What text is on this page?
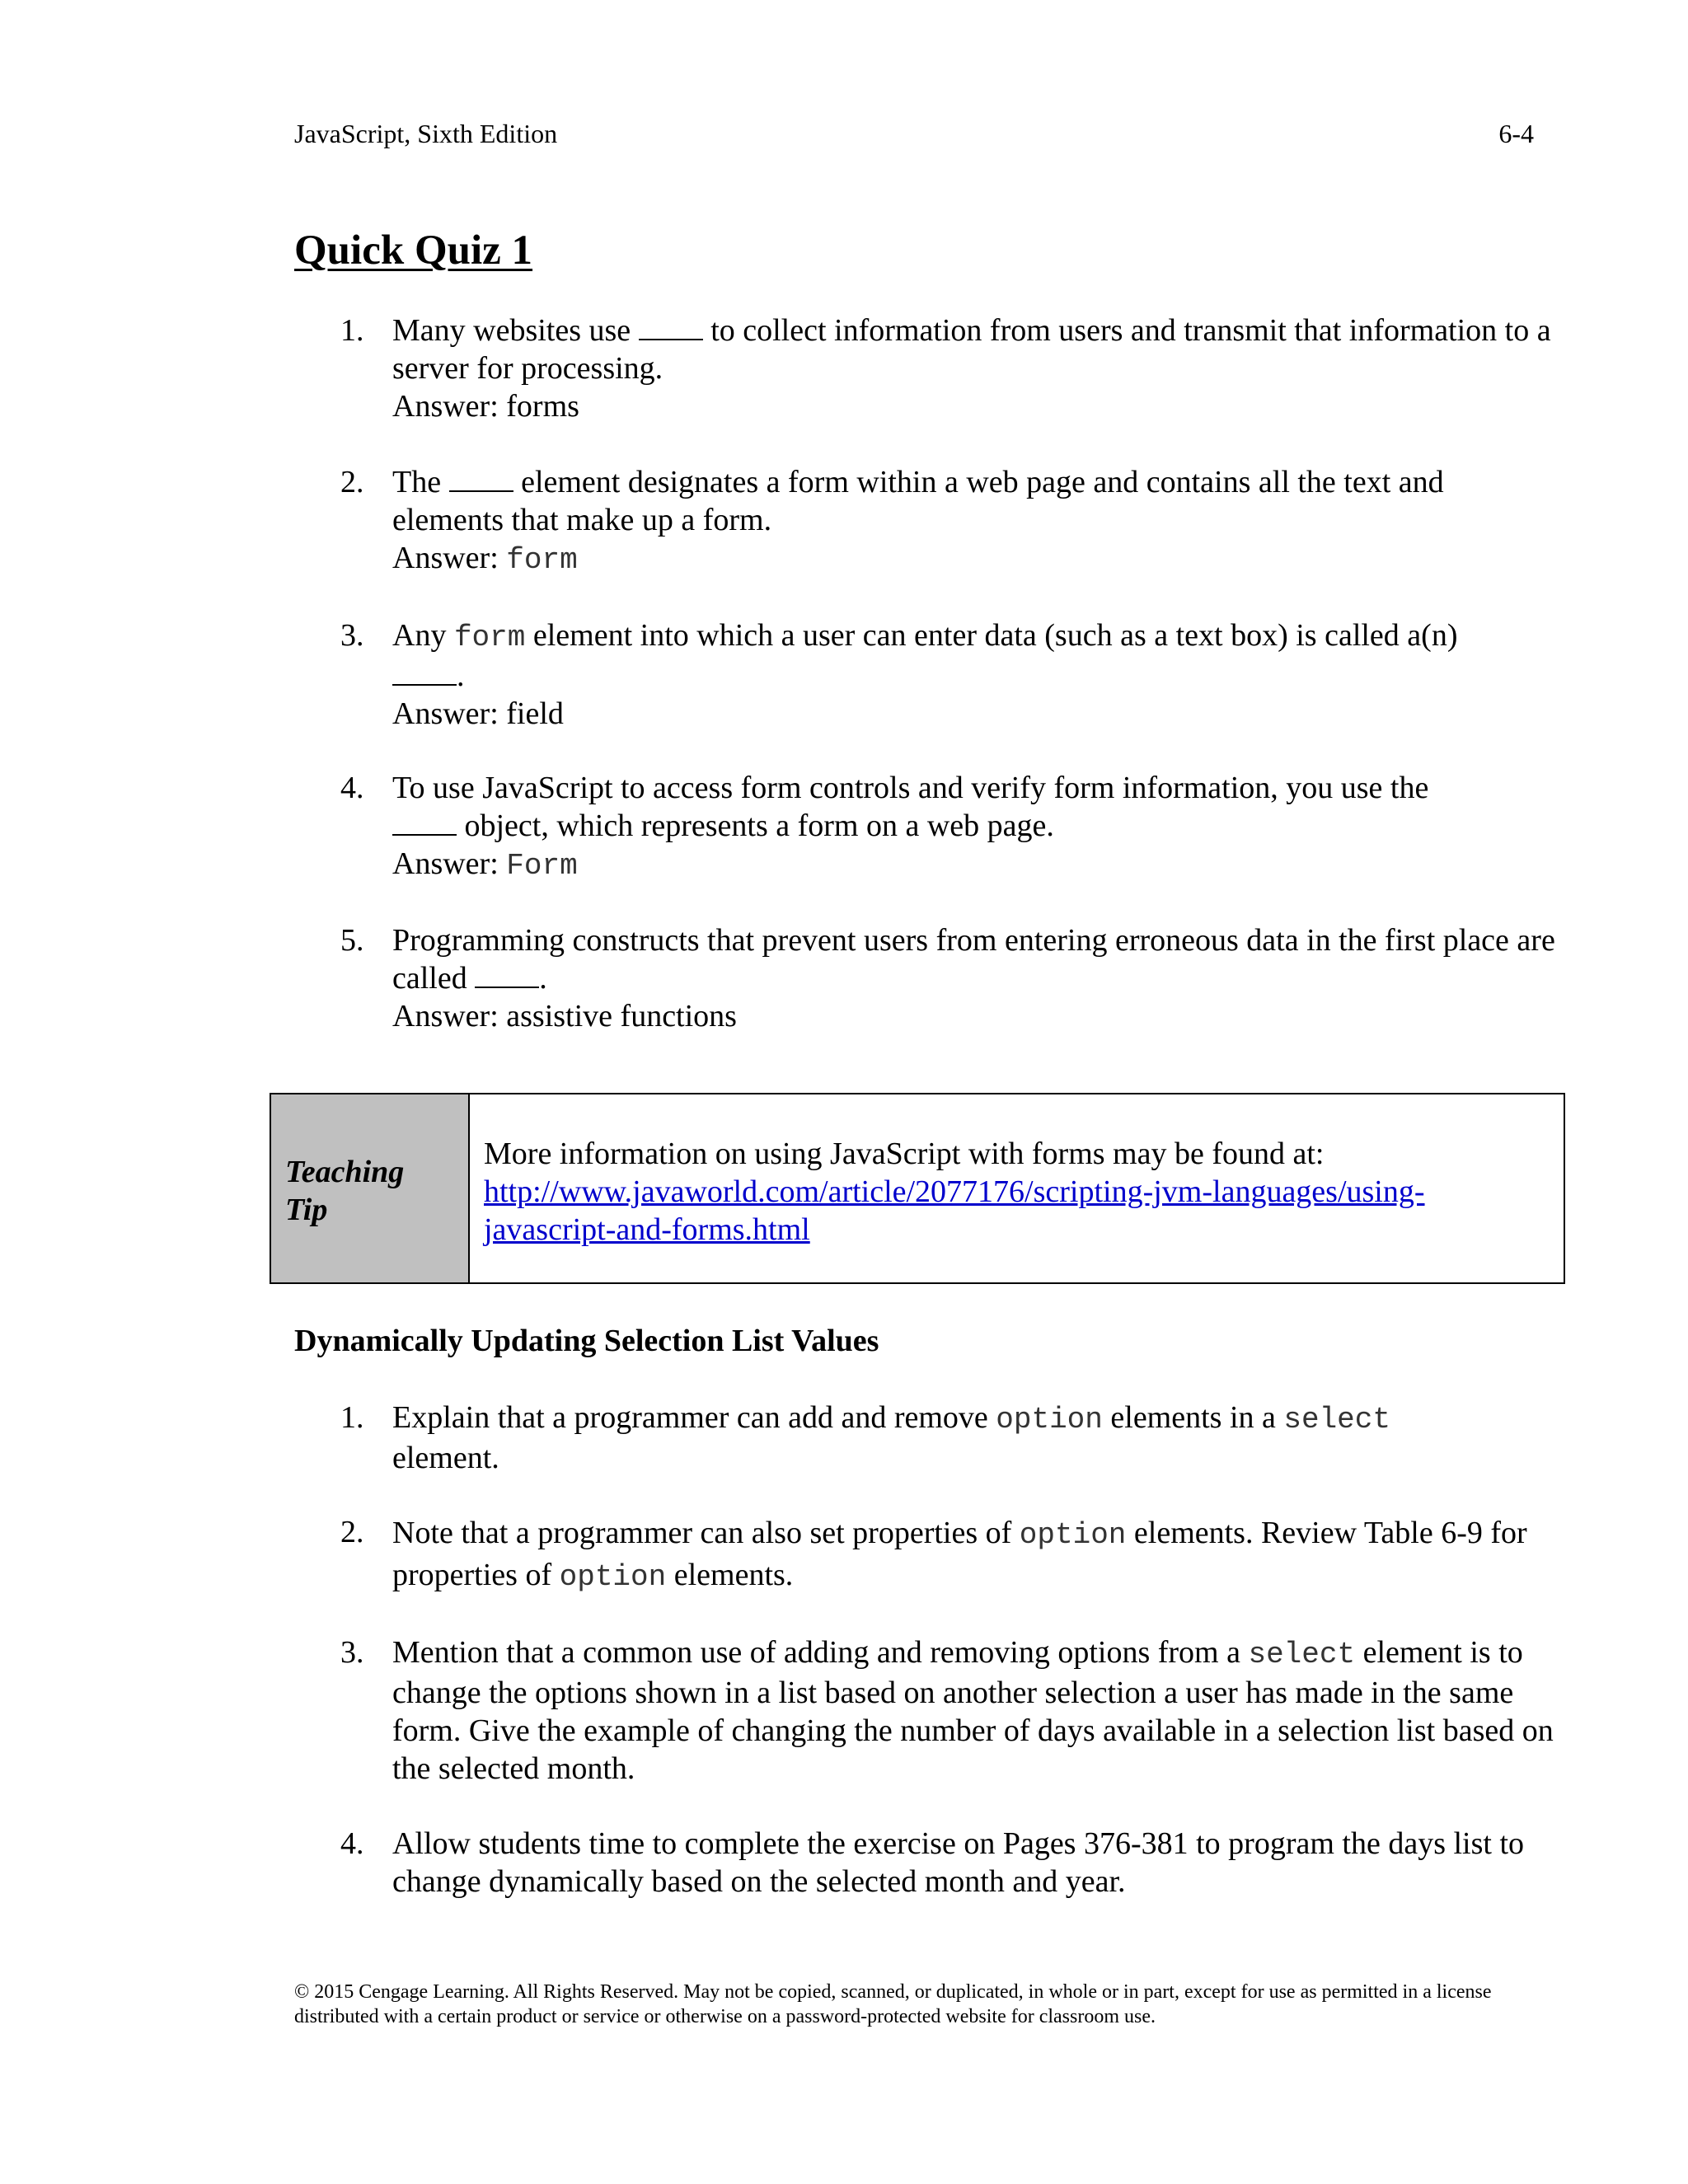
JavaScript, Sixth Edition	6-4
Quick Quiz 1
1. Many websites use	to collect information from users and transmit that information to a server for processing.
Answer: forms
2. The	element designates a form within a web page and contains all the text and elements that make up a form.
Answer: form
3. Any form element into which a user can enter data (such as a text box) is called a(n)
.
Answer: field
4. To use JavaScript to access form controls and verify form information, you use the
object, which represents a form on a web page.
Answer: Form
5. Programming constructs that prevent users from entering erroneous data in the first place are called .
Answer: assistive functions
Teaching Tip
More information on using JavaScript with forms may be found at:
http://www.javaworld.com/article/2077176/scripting-jvm-languages/using-javascript-and-forms.html
Dynamically Updating Selection List Values
1. Explain that a programmer can add and remove option elements in a select
element.
2. Note that a programmer can also set properties of option elements. Review Table 6-9 for properties of option elements.
3. Mention that a common use of adding and removing options from a select element is to change the options shown in a list based on another selection a user has made in the same form. Give the example of changing the number of days available in a selection list based on the selected month.
4. Allow students time to complete the exercise on Pages 376-381 to program the days list to change dynamically based on the selected month and year.
© 2015 Cengage Learning. All Rights Reserved. May not be copied, scanned, or duplicated, in whole or in part, except for use as permitted in a license distributed with a certain product or service or otherwise on a password-protected website for classroom use.
